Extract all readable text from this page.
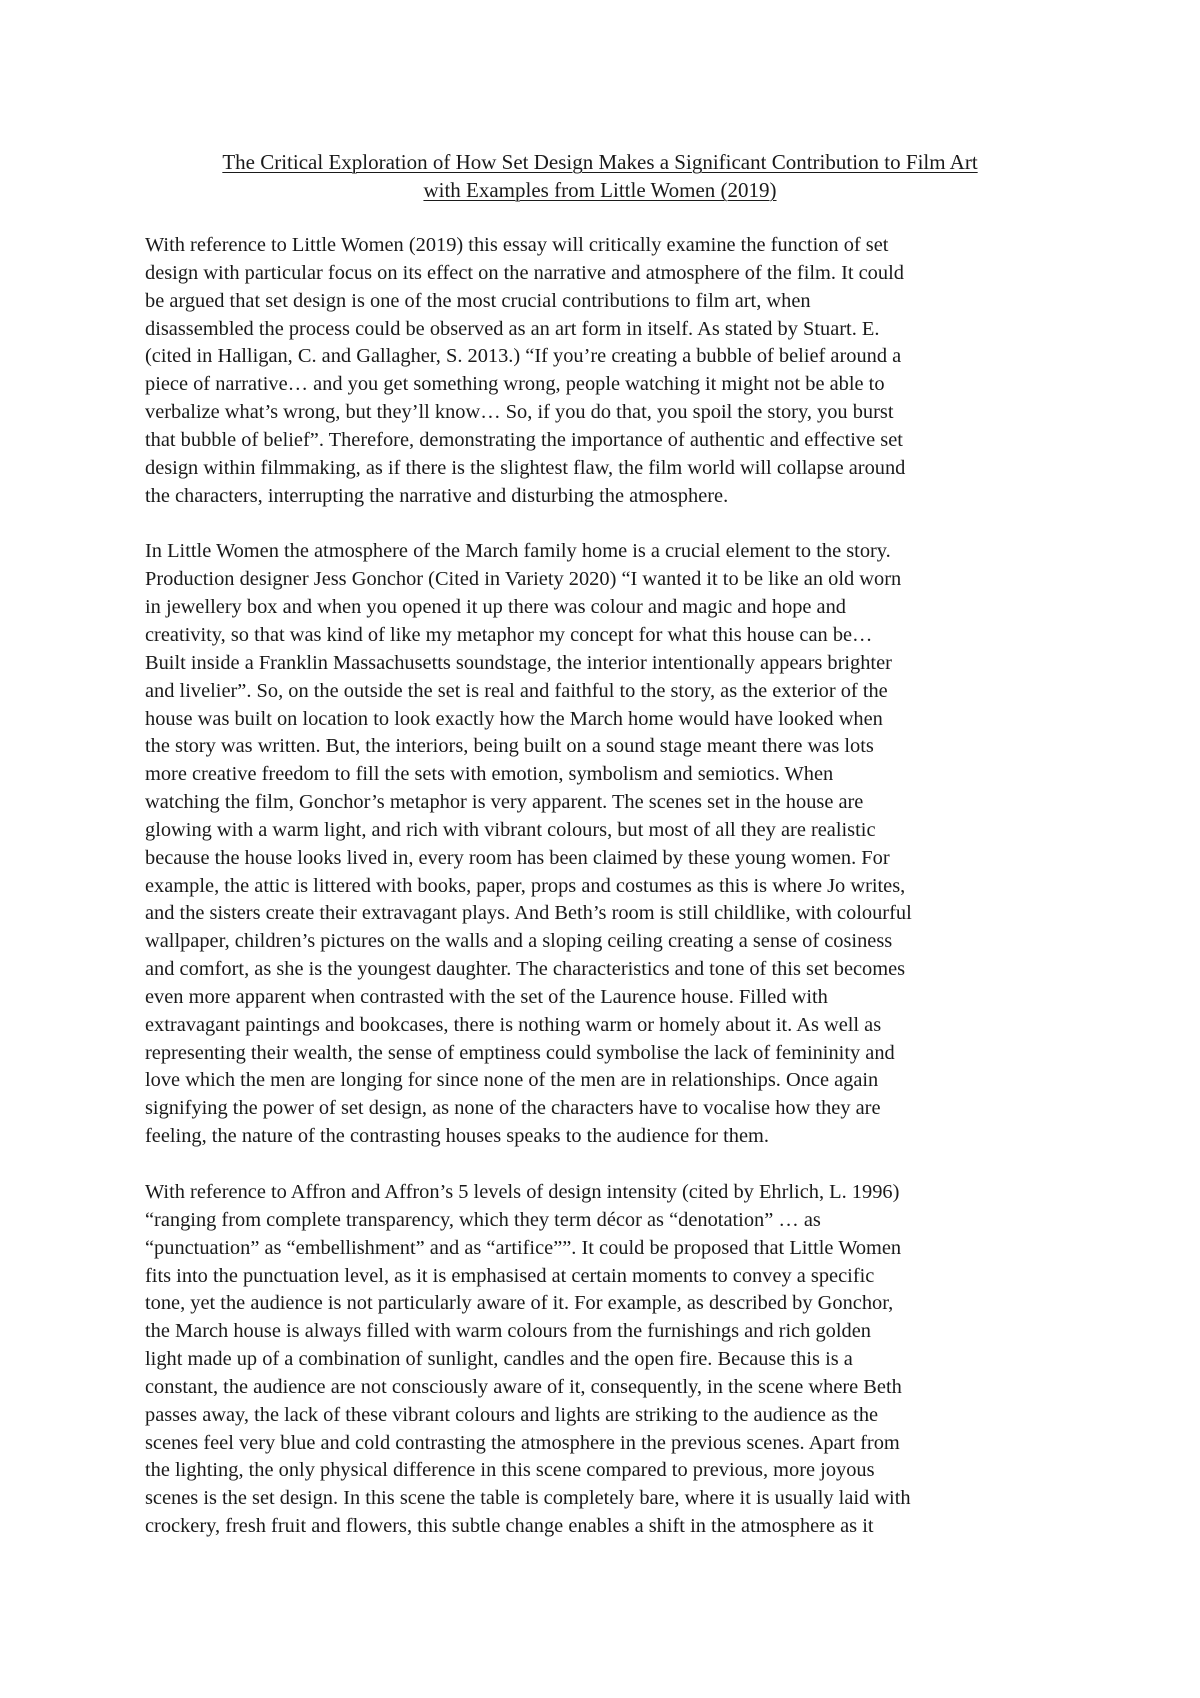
The Critical Exploration of How Set Design Makes a Significant Contribution to Film Art
with Examples from Little Women (2019)

With reference to Little Women (2019) this essay will critically examine the function of set
design with particular focus on its effect on the narrative and atmosphere of the film. It could
be argued that set design is one of the most crucial contributions to film art, when
disassembled the process could be observed as an art form in itself. As stated by Stuart. E.
(cited in Halligan, C. and Gallagher, S. 2013.) “If you’re creating a bubble of belief around a
piece of narrative… and you get something wrong, people watching it might not be able to
verbalize what’s wrong, but they’ll know… So, if you do that, you spoil the story, you burst
that bubble of belief”. Therefore, demonstrating the importance of authentic and effective set
design within filmmaking, as if there is the slightest flaw, the film world will collapse around
the characters, interrupting the narrative and disturbing the atmosphere.

In Little Women the atmosphere of the March family home is a crucial element to the story.
Production designer Jess Gonchor (Cited in Variety 2020) “I wanted it to be like an old worn
in jewellery box and when you opened it up there was colour and magic and hope and
creativity, so that was kind of like my metaphor my concept for what this house can be…
Built inside a Franklin Massachusetts soundstage, the interior intentionally appears brighter
and livelier”. So, on the outside the set is real and faithful to the story, as the exterior of the
house was built on location to look exactly how the March home would have looked when
the story was written. But, the interiors, being built on a sound stage meant there was lots
more creative freedom to fill the sets with emotion, symbolism and semiotics. When
watching the film, Gonchor’s metaphor is very apparent. The scenes set in the house are
glowing with a warm light, and rich with vibrant colours, but most of all they are realistic
because the house looks lived in, every room has been claimed by these young women. For
example, the attic is littered with books, paper, props and costumes as this is where Jo writes,
and the sisters create their extravagant plays. And Beth’s room is still childlike, with colourful
wallpaper, children’s pictures on the walls and a sloping ceiling creating a sense of cosiness
and comfort, as she is the youngest daughter. The characteristics and tone of this set becomes
even more apparent when contrasted with the set of the Laurence house. Filled with
extravagant paintings and bookcases, there is nothing warm or homely about it. As well as
representing their wealth, the sense of emptiness could symbolise the lack of femininity and
love which the men are longing for since none of the men are in relationships. Once again
signifying the power of set design, as none of the characters have to vocalise how they are
feeling, the nature of the contrasting houses speaks to the audience for them.

With reference to Affron and Affron’s 5 levels of design intensity (cited by Ehrlich, L. 1996)
“ranging from complete transparency, which they term décor as “denotation” … as
“punctuation” as “embellishment” and as “artifice””. It could be proposed that Little Women
fits into the punctuation level, as it is emphasised at certain moments to convey a specific
tone, yet the audience is not particularly aware of it. For example, as described by Gonchor,
the March house is always filled with warm colours from the furnishings and rich golden
light made up of a combination of sunlight, candles and the open fire. Because this is a
constant, the audience are not consciously aware of it, consequently, in the scene where Beth
passes away, the lack of these vibrant colours and lights are striking to the audience as the
scenes feel very blue and cold contrasting the atmosphere in the previous scenes. Apart from
the lighting, the only physical difference in this scene compared to previous, more joyous
scenes is the set design. In this scene the table is completely bare, where it is usually laid with
crockery, fresh fruit and flowers, this subtle change enables a shift in the atmosphere as it
